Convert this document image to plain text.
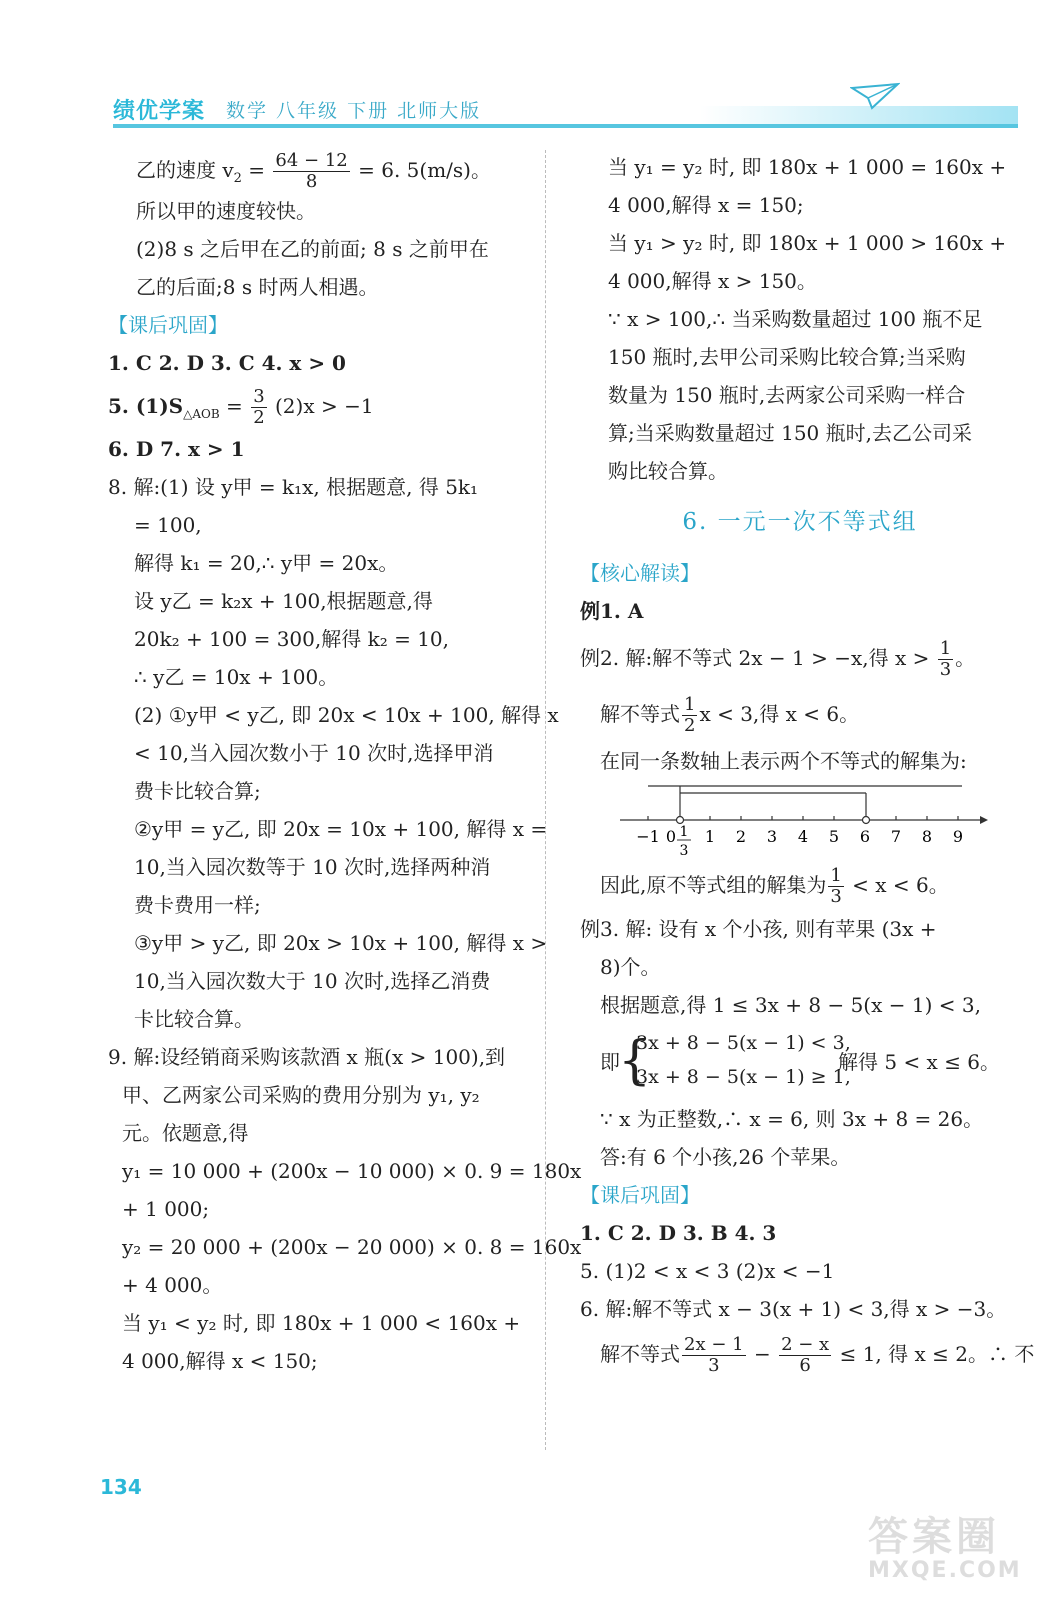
绩优学案 数学 八年级 下册 北师大版
乙的速度 $v_2 = \frac{64 - 12}{8} = 6$. 5(m/s)。
所以甲的速度较快。
(2)8 s 之后甲在乙的前面; 8 s 之前甲在
乙的后面;8 s 时两人相遇。
【课后巩固】
1. C 2. D 3. C 4. x > 0
5. $(1)S_{\triangle AOB} = \frac{3}{2} (2)x > -1$
6. D 7. x > 1
8. 解:(1) 设 y甲 = k₁x, 根据题意, 得 5k₁
= 100,
解得 k₁ = 20,∴ y甲 = 20x。
设 y乙 = k₂x + 100,根据题意,得
20k₂ + 100 = 300,解得 k₂ = 10,
∴ y乙 = 10x + 100。
(2) ①y甲 < y乙, 即 20x < 10x + 100, 解得 x
< 10,当入园次数小于 10 次时,选择甲消
费卡比较合算;
②y甲 = y乙, 即 20x = 10x + 100, 解得 x =
10,当入园次数等于 10 次时,选择两种消
费卡费用一样;
③y甲 > y乙, 即 20x > 10x + 100, 解得 x >
10,当入园次数大于 10 次时,选择乙消费
卡比较合算。
9. 解:设经销商采购该款酒 x 瓶(x > 100),到
甲、乙两家公司采购的费用分别为 y₁, y₂
元。依题意,得
y₁ = 10 000 + (200x − 10 000) × 0. 9 = 180x
+ 1 000;
y₂ = 20 000 + (200x − 20 000) × 0. 8 = 160x
+ 4 000。
当 y₁ < y₂ 时, 即 180x + 1 000 < 160x +
4 000,解得 x < 150;
当 y₁ = y₂ 时, 即 180x + 1 000 = 160x +
4 000,解得 x = 150;
当 y₁ > y₂ 时, 即 180x + 1 000 > 160x +
4 000,解得 x > 150。
∵ x > 100,∴ 当采购数量超过 100 瓶不足
150 瓶时,去甲公司采购比较合算;当采购
数量为 150 瓶时,去两家公司采购一样合
算;当采购数量超过 150 瓶时,去乙公司采
购比较合算。
6. 一元一次不等式组
【核心解读】
例1. A
例2. 解:解不等式 2x − 1 > −x,得 $x > \frac{1}{3}$ 。
解不等式 $\frac{1}{2}$ x < 3,得 x < 6。
在同一条数轴上表示两个不等式的解集为:
−1 0 1 2 3 4 5 6 7 8 9
1
3
因此,原不等式组的解集为 $\frac{1}{3} < x < 6$。
例3. 解: 设有 x 个小孩, 则有苹果 (3x +
8)个。
根据题意,得 1 ≤ 3x + 8 − 5(x − 1) < 3,
即
{
3x + 8 − 5(x − 1) < 3,
3x + 8 − 5(x − 1) ≥ 1,
解得 5 < x ≤ 6。
∵ x 为正整数,∴ x = 6, 则 3x + 8 = 26。
答:有 6 个小孩,26 个苹果。
【课后巩固】
1. C 2. D 3. B 4. 3
5. (1)2 < x < 3 (2)x < −1
6. 解:解不等式 x − 3(x + 1) < 3,得 x > −3。
解不等式 $\frac{2x - 1}{3} - \frac{2 - x}{6} \le 1$, 得 x ≤ 2。∴ 不
134
答案圈
MXQE.COM
